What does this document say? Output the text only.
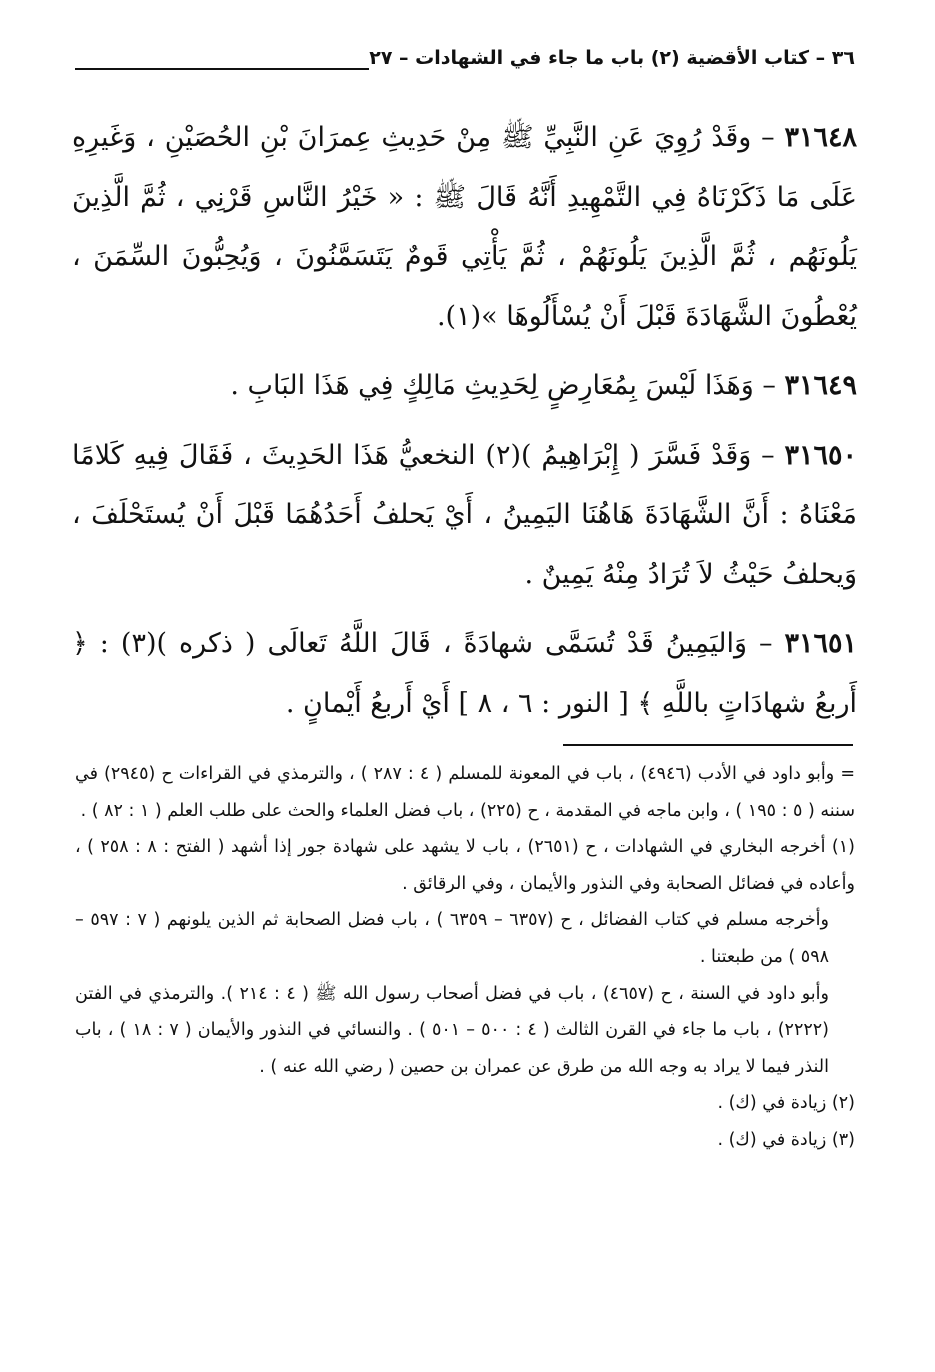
٣٦ – كتاب الأقضية (٢) باب ما جاء في الشهادات – ٢٧

٣١٦٤٨ – وقَدْ رُوِيَ عَنِ النَّبِيِّ ﷺ مِنْ حَدِيثِ عِمرَانَ بْنِ الحُصَيْنِ ، وَغَيرِهِ عَلَى مَا ذَكَرْنَاهُ فِي التَّمْهِيدِ أَنَّهُ قَالَ ﷺ : « خَيْرُ النَّاسِ قَرْنِي ، ثُمَّ الَّذِينَ يَلُونَهُم ، ثُمَّ الَّذِينَ يَلُونَهُمْ ، ثُمَّ يَأْتِي قَومٌ يَتَسَمَّنُونَ ، وَيُحِبُّونَ السِّمَنَ ، يُعْطُونَ الشَّهَادَةَ قَبْلَ أَنْ يُسْأَلُوهَا »(١).

٣١٦٤٩ – وَهَذَا لَيْسَ بِمُعَارِضٍ لِحَدِيثِ مَالِكٍ فِي هَذَا البَابِ .

٣١٦٥٠ – وَقَدْ فَسَّرَ ( إِبْرَاهِيمُ )(٢) النخعيُّ هَذَا الحَدِيثَ ، فَقَالَ فِيهِ كَلامًا مَعْنَاهُ : أَنَّ الشَّهَادَةَ هَاهُنَا اليَمِينُ ، أَيْ يَحلفُ أَحَدُهُمَا قَبْلَ أَنْ يُستَحْلَفَ ، وَيحلفُ حَيْثُ لاَ تُرَادُ مِنْهُ يَمِينٌ .

٣١٦٥١ – وَاليَمِينُ قَدْ تُسَمَّى شهادَةً ، قَالَ اللَّهُ تَعالَى ( ذكره )(٣) : ﴿ أَربعُ شهادَاتٍ باللَّهِ ﴾ [ النور : ٦ ، ٨ ] أَيْ أَربعُ أَيْمانٍ .

= وأبو داود في الأدب (٤٩٤٦) ، باب في المعونة للمسلم ( ٤ : ٢٨٧ ) ، والترمذي في القراءات ح (٢٩٤٥) في سننه ( ٥ : ١٩٥ ) ، وابن ماجه في المقدمة ، ح (٢٢٥) ، باب فضل العلماء والحث على طلب العلم ( ١ : ٨٢ ) .

(١) أخرجه البخاري في الشهادات ، ح (٢٦٥١) ، باب لا يشهد على شهادة جور إذا أشهد ( الفتح : ٨ : ٢٥٨ ) ، وأعاده في فضائل الصحابة وفي النذور والأيمان ، وفي الرقائق .

وأخرجه مسلم في كتاب الفضائل ، ح (٦٣٥٧ – ٦٣٥٩ ) ، باب فضل الصحابة ثم الذين يلونهم ( ٧ : ٥٩٧ – ٥٩٨ ) من طبعتنا .

وأبو داود في السنة ، ح (٤٦٥٧) ، باب في فضل أصحاب رسول الله ﷺ ( ٤ : ٢١٤ ). والترمذي في الفتن (٢٢٢٢) ، باب ما جاء في القرن الثالث ( ٤ : ٥٠٠ – ٥٠١ ) . والنسائي في النذور والأيمان ( ٧ : ١٨ ) ، باب النذر فيما لا يراد به وجه الله من طرق عن عمران بن حصين ( رضي الله عنه ) .

(٢) زيادة في (ك) .

(٣) زيادة في (ك) .
